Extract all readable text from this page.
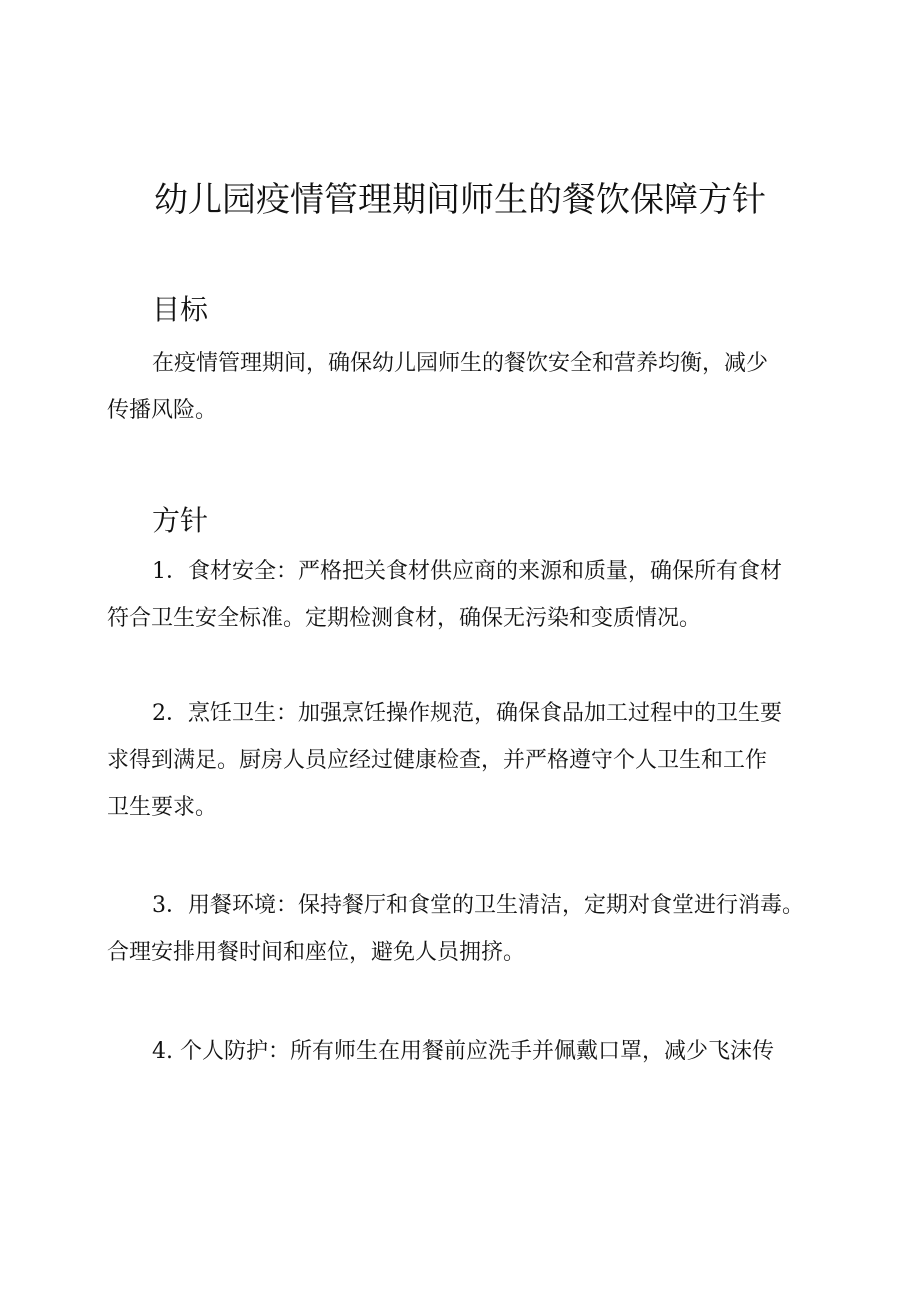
幼儿园疫情管理期间师生的餐饮保障方针
目标

在疫情管理期间，确保幼儿园师生的餐饮安全和营养均衡，减少
传播风险。

方针

1．食材安全：严格把关食材供应商的来源和质量，确保所有食材
符合卫生安全标准。定期检测食材，确保无污染和变质情况。

2．烹饪卫生：加强烹饪操作规范，确保食品加工过程中的卫生要
求得到满足。厨房人员应经过健康检查，并严格遵守个人卫生和工作
卫生要求。

3．用餐环境：保持餐厅和食堂的卫生清洁，定期对食堂进行消毒。
合理安排用餐时间和座位，避免人员拥挤。

4. 个人防护：所有师生在用餐前应洗手并佩戴口罩，减少飞沫传
